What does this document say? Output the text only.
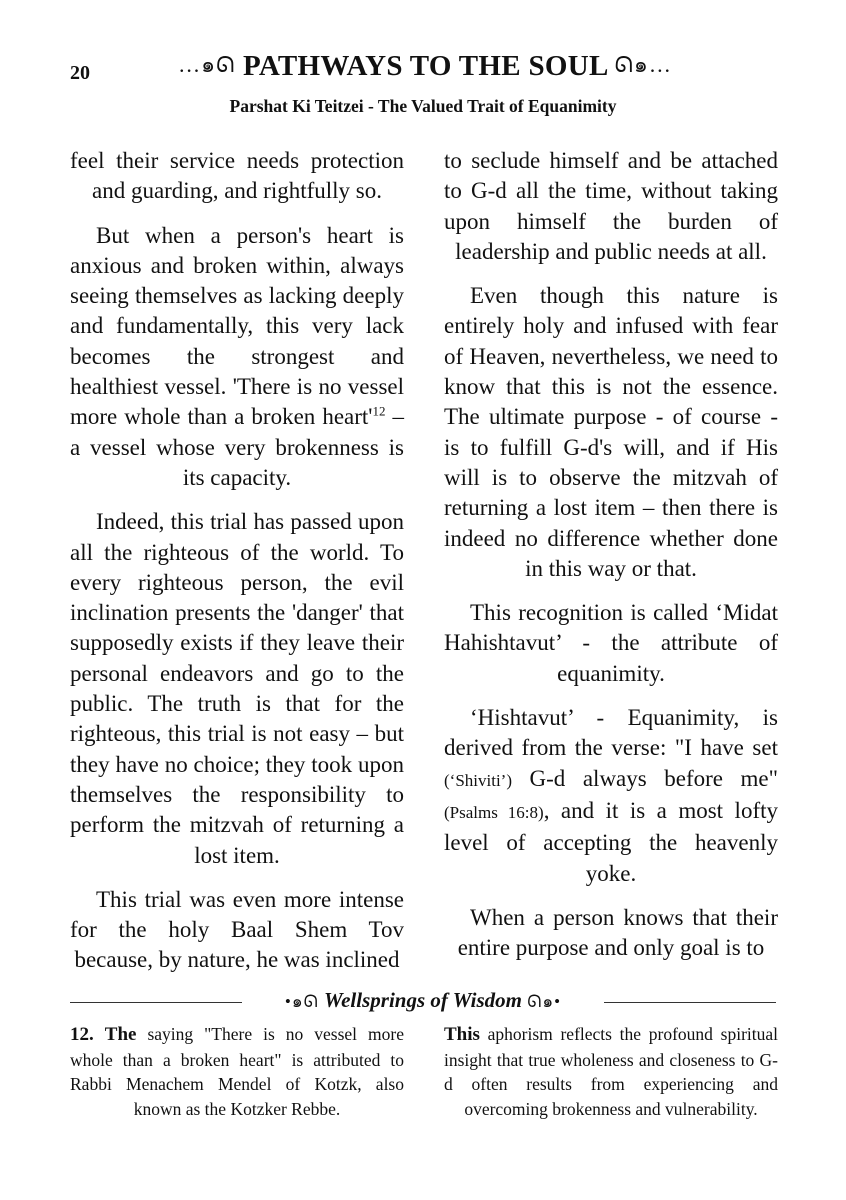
20	…๑ᘏ PATHWAYS TO THE SOUL ᘏ๑…
Parshat Ki Teitzei - The Valued Trait of Equanimity

feel their service needs protection and guarding, and rightfully so.

But when a person's heart is anxious and broken within, always seeing themselves as lacking deeply and fundamentally, this very lack becomes the strongest and healthiest vessel. 'There is no vessel more whole than a broken $heart'^{12}$ – a vessel whose very brokenness is its capacity.

Indeed, this trial has passed upon all the righteous of the world. To every righteous person, the evil inclination presents the 'danger' that supposedly exists if they leave their personal endeavors and go to the public. The truth is that for the righteous, this trial is not easy – but they have no choice; they took upon themselves the responsibility to perform the mitzvah of returning a lost item.

This trial was even more intense for the holy Baal Shem Tov because, by nature, he was inclined

to seclude himself and be attached to G-d all the time, without taking upon himself the burden of leadership and public needs at all.

Even though this nature is entirely holy and infused with fear of Heaven, nevertheless, we need to know that this is not the essence. The ultimate purpose - of course - is to fulfill G-d's will, and if His will is to observe the mitzvah of returning a lost item – then there is indeed no difference whether done in this way or that.

This recognition is called ‘Midat Hahishtavut’ - the attribute of equanimity.

‘Hishtavut’ - Equanimity, is derived from the verse: "I have set (‘Shiviti’) G-d always before me" (Psalms 16:8), and it is a most lofty level of accepting the heavenly yoke.

When a person knows that their entire purpose and only goal is to

•๑ᘏ Wellsprings of Wisdom ᘏ๑•
12. The saying "There is no vessel more whole than a broken heart" is attributed to Rabbi Menachem Mendel of Kotzk, also known as the Kotzker Rebbe.
This aphorism reflects the profound spiritual insight that true wholeness and closeness to G-d often results from experiencing and overcoming brokenness and vulnerability.
